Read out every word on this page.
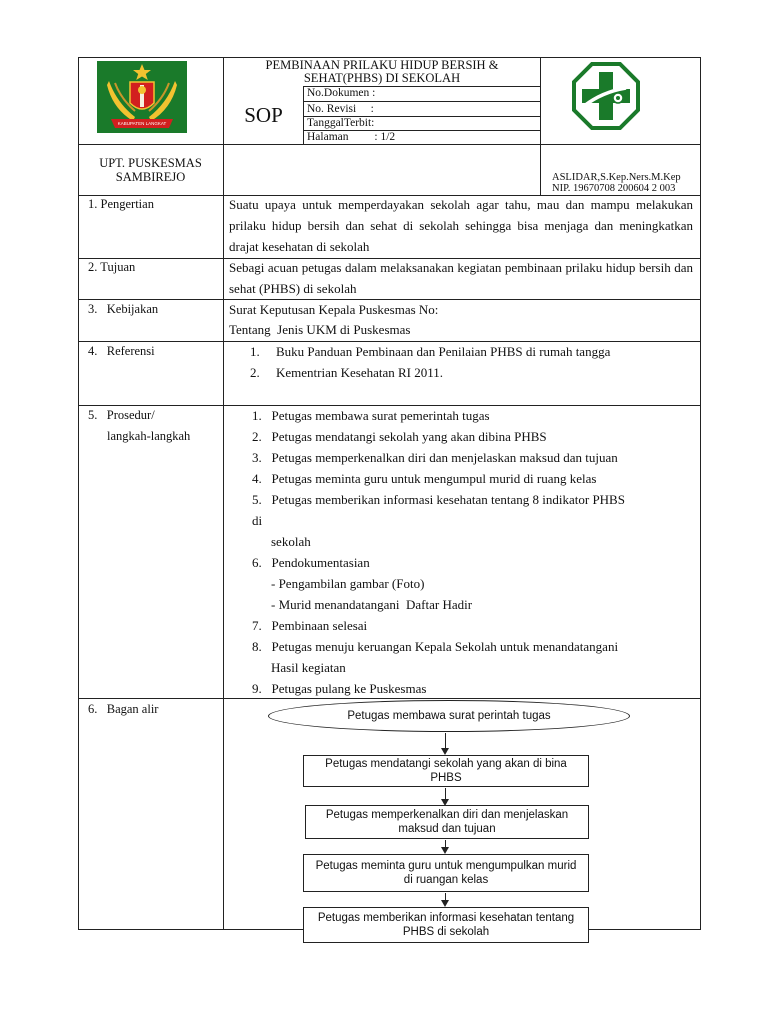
KABUPATEN LANGKAT
PEMBINAAN PRILAKU HIDUP BERSIH &
SEHAT(PHBS) DI SEKOLAH
SOP
No.Dokumen :
No. Revisi     :
TanggalTerbit:
Halaman         : 1/2
UPT. PUSKESMAS
SAMBIREJO	ASLIDAR,S.Kep.Ners.M.Kep
NIP. 19670708 200604 2 003
1. Pengertian	Suatu upaya untuk memperdayakan sekolah agar tahu, mau dan mampu melakukan prilaku hidup bersih dan sehat di sekolah sehingga bisa menjaga dan meningkatkan drajat kesehatan di sekolah
2. Tujuan	Sebagi acuan petugas dalam melaksanakan kegiatan pembinaan prilaku hidup bersih dan sehat (PHBS) di sekolah
3.   Kebijakan	Surat Keputusan Kepala Puskesmas No:
Tentang  Jenis UKM di Puskesmas
4.   Referensi	1.     Buku Panduan Pembinaan dan Penilaian PHBS di rumah tangga
2.     Kementrian Kesehatan RI 2011.
5.   Prosedur/
langkah-langkah
1.   Petugas membawa surat pemerintah tugas
2.   Petugas mendatangi sekolah yang akan dibina PHBS
3.   Petugas memperkenalkan diri dan menjelaskan maksud dan tujuan
4.   Petugas meminta guru untuk mengumpul murid di ruang kelas
5.   Petugas memberikan informasi kesehatan tentang 8 indikator PHBS
di
sekolah
6.   Pendokumentasian
- Pengambilan gambar (Foto)
- Murid menandatangani  Daftar Hadir
7.   Pembinaan selesai
8.   Petugas menuju keruangan Kepala Sekolah untuk menandatangani
Hasil kegiatan
9.   Petugas pulang ke Puskesmas
6.   Bagan alir	Petugas membawa surat perintah tugas
Petugas mendatangi sekolah yang akan di bina PHBS
Petugas memperkenalkan diri dan menjelaskan maksud dan tujuan
Petugas meminta guru untuk mengumpulkan murid di ruangan kelas
Petugas memberikan informasi kesehatan tentang PHBS di sekolah
